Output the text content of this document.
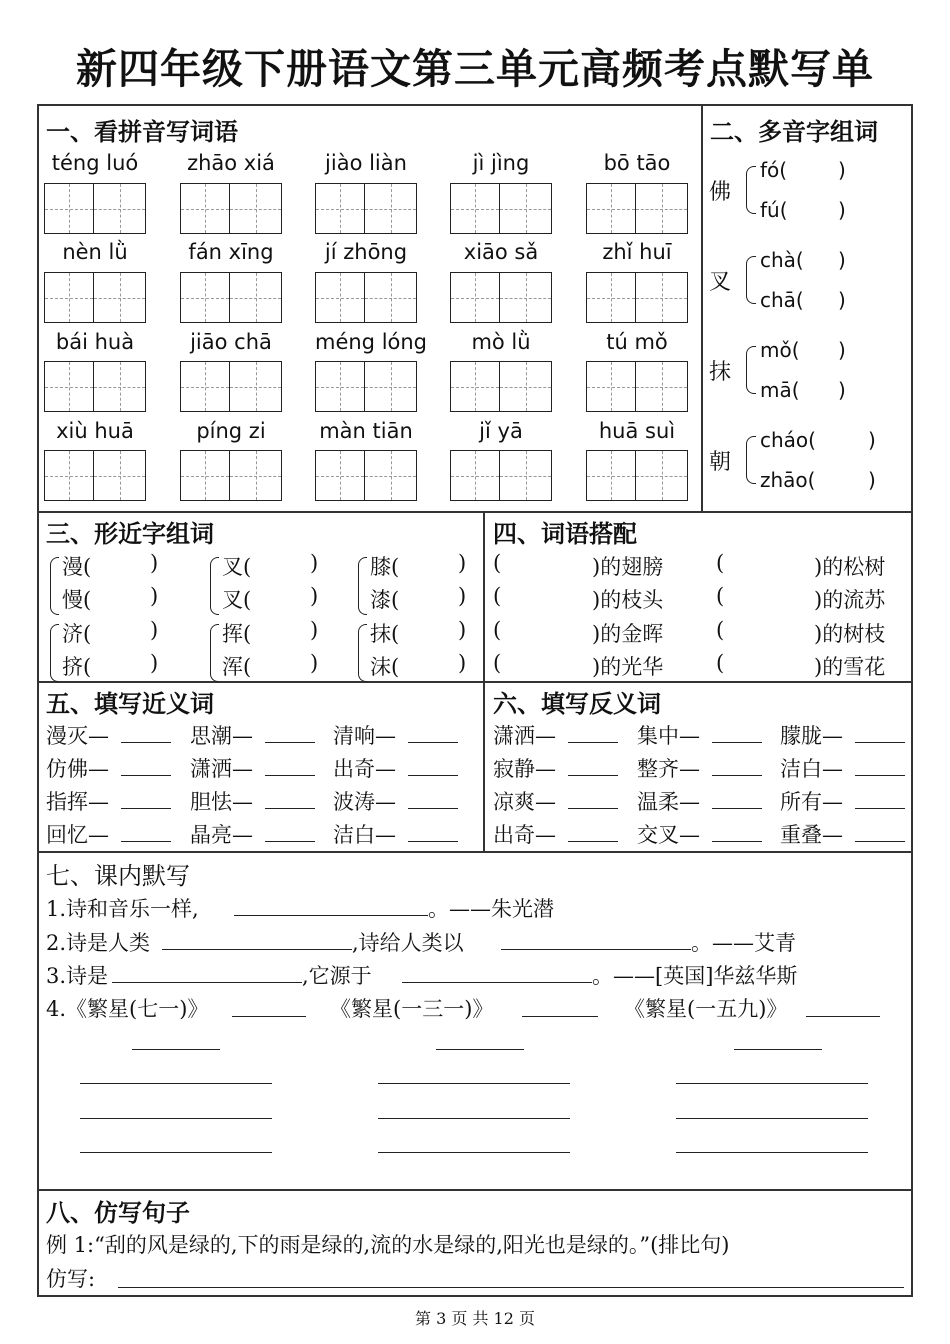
新四年级下册语文第三单元高频考点默写单
一、看拼音写词语	二、多音字组词
三、形近字组词	四、词语搭配
五、填写近义词	六、填写反义词
七、课内默写
八、仿写句子
téng luó	zhāo xiá	jiào liàn	jì jìng	bō tāo
nèn lǜ	fán xīng	jí zhōng	xiāo sǎ	zhǐ huī
bái huà	jiāo chā	méng lóng	mò lǜ	tú mǒ
xiù huā	píng zi	màn tiān	jǐ yā	huā suì
佛
fó(	)
fú(	)
叉
chà( )
chā( )
抹
mǒ( )
mā( )
朝
cháo(	)
zhāo(	)
漫(	)	叉(	) 膝(	)
慢(	)	叉(	) 漆(	)
济(	)	挥(	) 抹(	)
挤(	)	浑(	) 沫(	)
(	)的翅膀	(	)的松树
(	)的枝头	(	)的流苏
(	)的金晖	(	)的树枝
(	)的光华	(	)的雪花
漫灭—	思潮—	清响—
仿佛—	潇洒—	出奇—
指挥—	胆怯—	波涛—
回忆—	晶亮—	洁白—
潇洒—	集中—	朦胧—
寂静—	整齐—	洁白—
凉爽—	温柔—	所有—
出奇—	交叉—	重叠—
1.诗和音乐一样,	。——朱光潜
2.诗是人类	,诗给人类以	。——艾青
3.诗是	,它源于	。——[英国]华兹华斯
4.《繁星(七一)》	《繁星(一三一)》	《繁星(一五九)》
例 1:“刮的风是绿的,下的雨是绿的,流的水是绿的,阳光也是绿的。”(排比句)
仿写:
第 3 页 共 12 页
